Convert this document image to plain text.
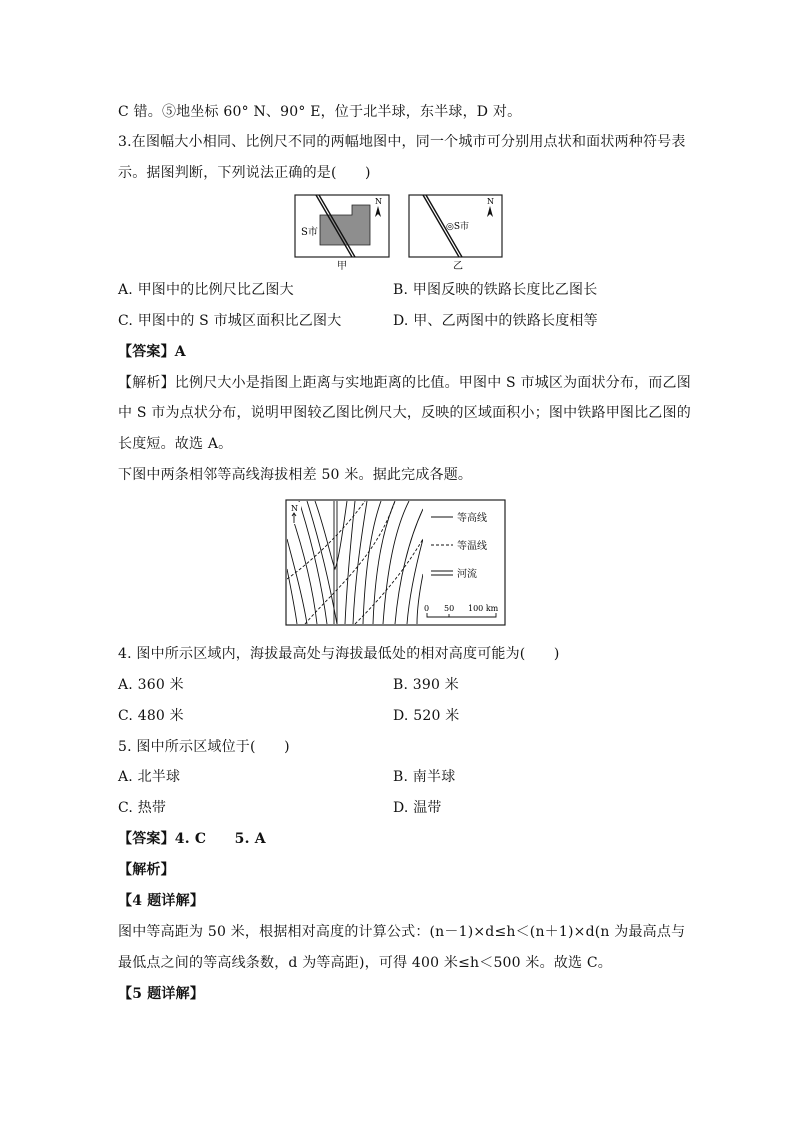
C 错。⑤地坐标 60° N、90° E，位于北半球，东半球，D 对。
3.在图幅大小相同、比例尺不同的两幅地图中，同一个城市可分别用点状和面状两种符号表
示。据图判断，下列说法正确的是(　　)
S市
N
甲
◎S市
N
乙
A. 甲图中的比例尺比乙图大	B. 甲图反映的铁路长度比乙图长
C. 甲图中的 S 市城区面积比乙图大	D. 甲、乙两图中的铁路长度相等
【答案】A
【解析】比例尺大小是指图上距离与实地距离的比值。甲图中 S 市城区为面状分布，而乙图
中 S 市为点状分布，说明甲图较乙图比例尺大，反映的区域面积小；图中铁路甲图比乙图的
长度短。故选 A。
下图中两条相邻等高线海拔相差 50 米。据此完成各题。
N
等高线
等温线
河流
0 50 100 km
4. 图中所示区域内，海拔最高处与海拔最低处的相对高度可能为(　　)
A. 360 米	B. 390 米
C. 480 米	D. 520 米
5. 图中所示区域位于(　　)
A. 北半球	B. 南半球
C. 热带	D. 温带
【答案】4. C　　5. A
【解析】
【4 题详解】
图中等高距为 50 米，根据相对高度的计算公式：(n－1)×d≤h＜(n＋1)×d(n 为最高点与
最低点之间的等高线条数，d 为等高距)，可得 400 米≤h＜500 米。故选 C。
【5 题详解】
